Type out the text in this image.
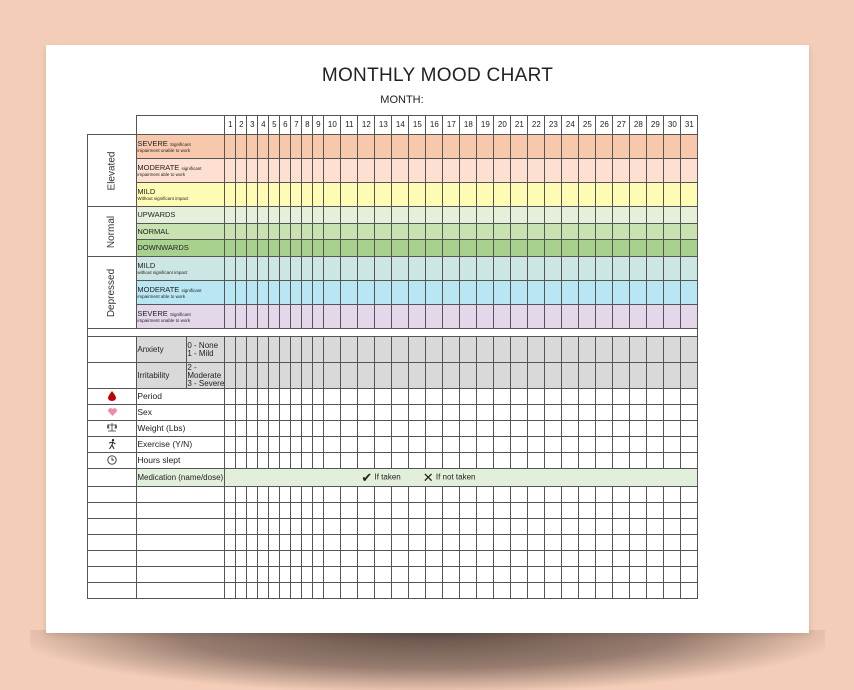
MONTHLY MOOD CHART
MONTH:
			1	2	3	4	5	6	7	8	9	10	11	12	13	14	15	16	17	18	19	20	21	22	23	24	25	26	27	28	29	30	31
Elevated	SEVERE Significant
impairment unable to work																																

	MODERATE significant
impairment able to work																																

	MILD
Without significant impact																																

Normal	UPWARDS																																
	NORMAL																																
	DOWNWARDS																																
Depressed	MILD
without significant impact																																

	MODERATE significant
impairment able to work																																

	SEVERE Significant
impairment unable to work																																

	Anxiety	0 - None
1 - Mild																															
	Irritability	2 -
Moderate
3 - Severe																															
	Period																																
	Sex																																
	Weight (Lbs)																																
	Exercise (Y/N)																																
	Hours slept																																
	Medication (name/dose)		✔ If taken ✕ If not taken																														
